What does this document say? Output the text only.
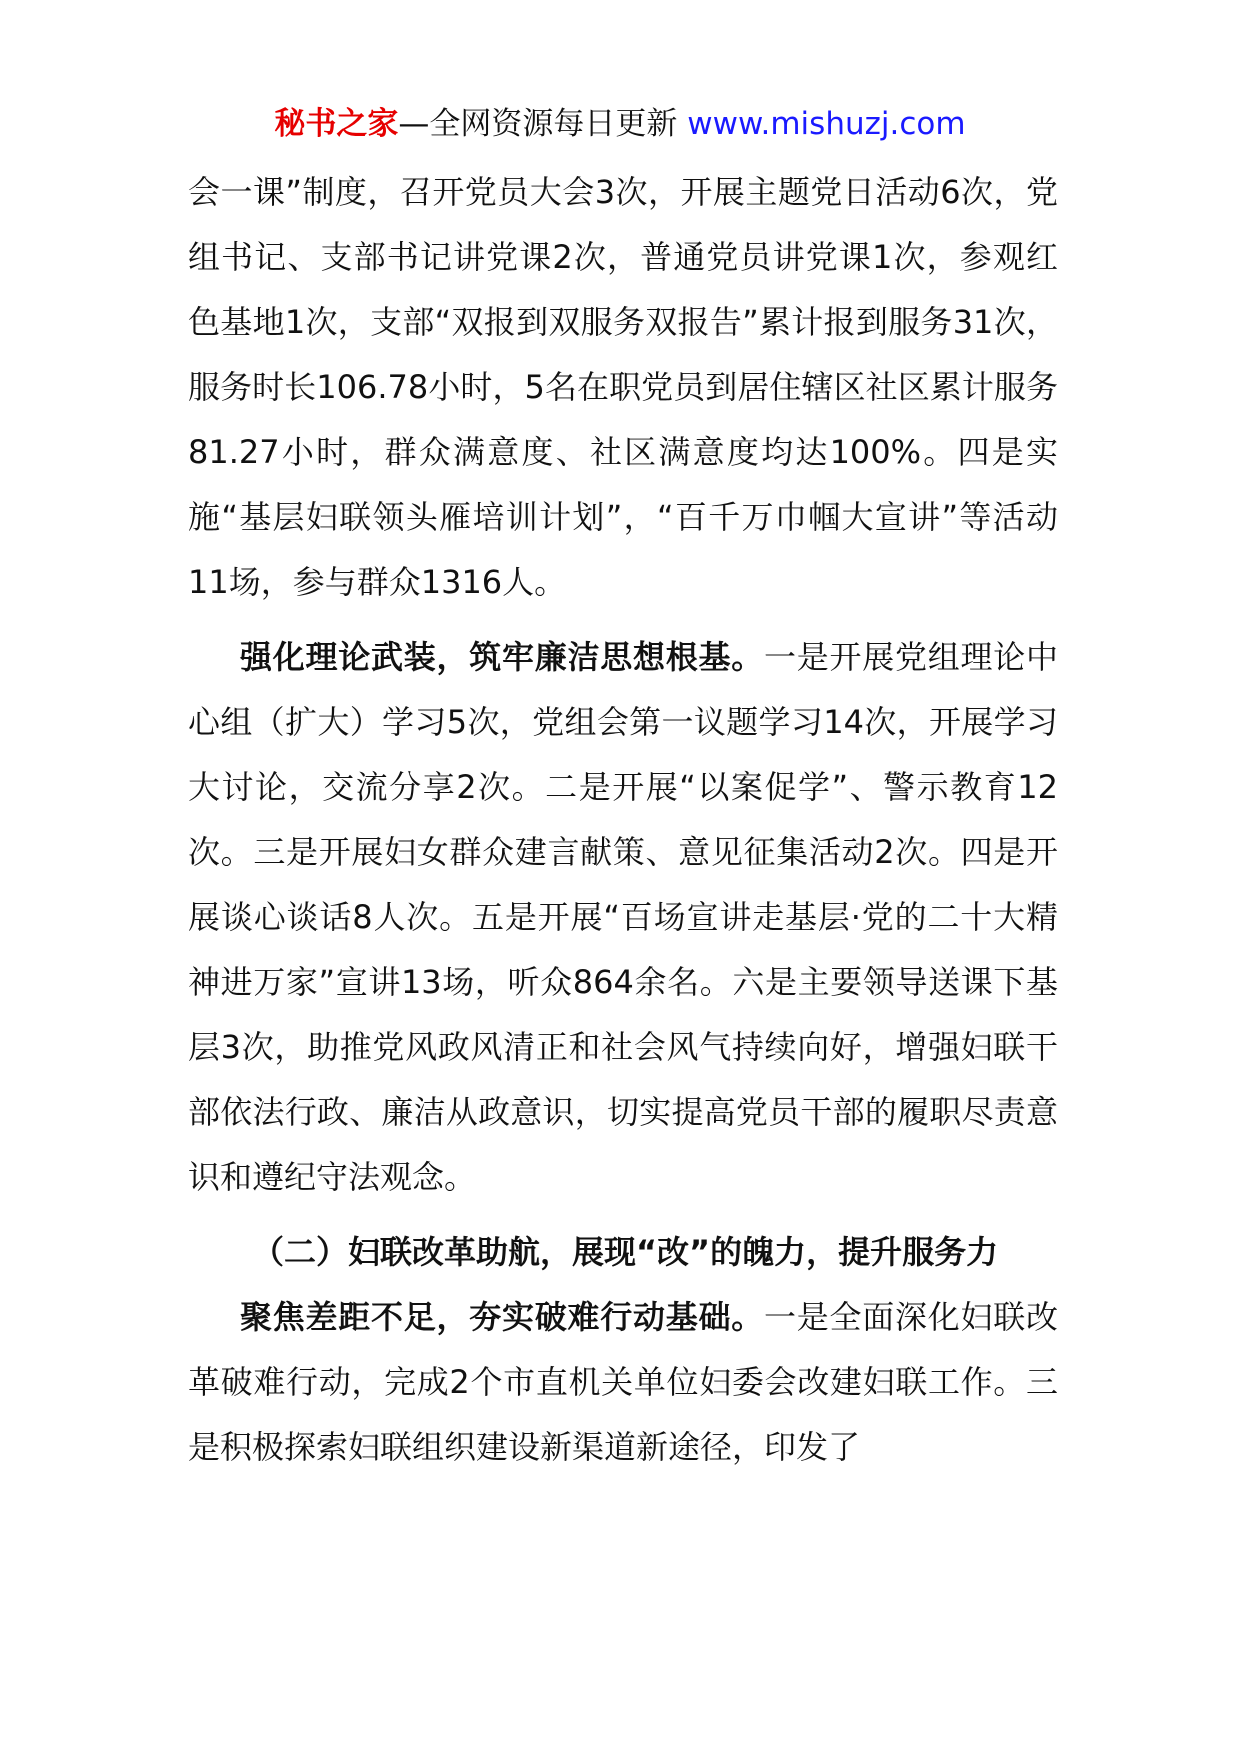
秘书之家—全网资源每日更新 www.mishuzj.com

会一课”制度，召开党员大会3次，开展主题党日活动6次，党组书记、支部书记讲党课2次，普通党员讲党课1次，参观红色基地1次，支部“双报到双服务双报告”累计报到服务31次，服务时长106.78小时，5名在职党员到居住辖区社区累计服务81.27小时，群众满意度、社区满意度均达100%。四是实施“基层妇联领头雁培训计划”，“百千万巾帼大宣讲”等活动11场，参与群众1316人。

强化理论武装，筑牢廉洁思想根基。一是开展党组理论中心组（扩大）学习5次，党组会第一议题学习14次，开展学习大讨论，交流分享2次。二是开展“以案促学”、警示教育12次。三是开展妇女群众建言献策、意见征集活动2次。四是开展谈心谈话8人次。五是开展“百场宣讲走基层·党的二十大精神进万家”宣讲13场，听众864余名。六是主要领导送课下基层3次，助推党风政风清正和社会风气持续向好，增强妇联干部依法行政、廉洁从政意识，切实提高党员干部的履职尽责意识和遵纪守法观念。

（二）妇联改革助航，展现“改”的魄力，提升服务力

聚焦差距不足，夯实破难行动基础。一是全面深化妇联改革破难行动，完成2个市直机关单位妇委会改建妇联工作。三是积极探索妇联组织建设新渠道新途径，印发了
